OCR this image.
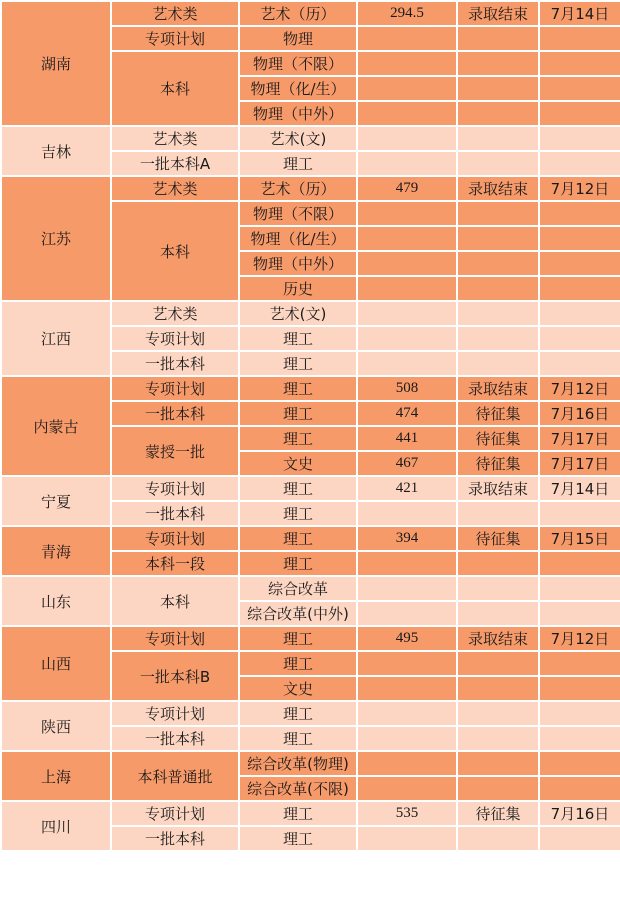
湖南	艺术类	艺术（历）	294.5	录取结束	7月14日
	专项计划	物理			
	本科	物理（不限）			
		物理（化/生）			
		物理（中外）			
吉林	艺术类	艺术(文)			
	一批本科A	理工			
江苏	艺术类	艺术（历）	479	录取结束	7月12日
	本科	物理（不限）			
		物理（化/生）			
		物理（中外）			
		历史			
江西	艺术类	艺术(文)			
	专项计划	理工			
	一批本科	理工			
内蒙古	专项计划	理工	508	录取结束	7月12日
	一批本科	理工	474	待征集	7月16日
	蒙授一批	理工	441	待征集	7月17日
		文史	467	待征集	7月17日
宁夏	专项计划	理工	421	录取结束	7月14日
	一批本科	理工			
青海	专项计划	理工	394	待征集	7月15日
	本科一段	理工			
山东	本科	综合改革			
		综合改革(中外)			
山西	专项计划	理工	495	录取结束	7月12日
	一批本科B	理工			
		文史			
陕西	专项计划	理工			
	一批本科	理工			
上海	本科普通批	综合改革(物理)			
		综合改革(不限)			
四川	专项计划	理工	535	待征集	7月16日
	一批本科	理工			
